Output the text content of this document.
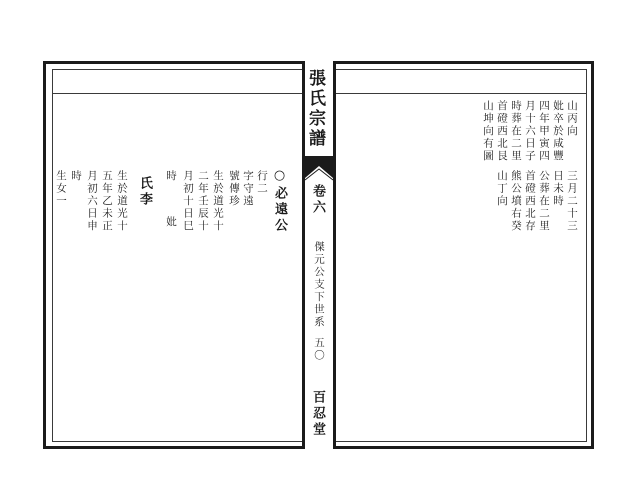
張氏宗譜
卷六
傑元公支下世系
五〇
百忍堂
山丙向
妣卒於咸豐
四年甲寅四
月十六日子
時葬在二里
首磴西北艮
山坤向有圖
三月二十三
日未時
公葬在二里
首磴西北存
熊公墳右癸
山丁向
○必遠公
行二
字守遠
號傳珍
生於道光十
二年壬辰十
月初十日巳
時
妣
氏李
生於道光十
五年乙未正
月初六日申
時
生女一
